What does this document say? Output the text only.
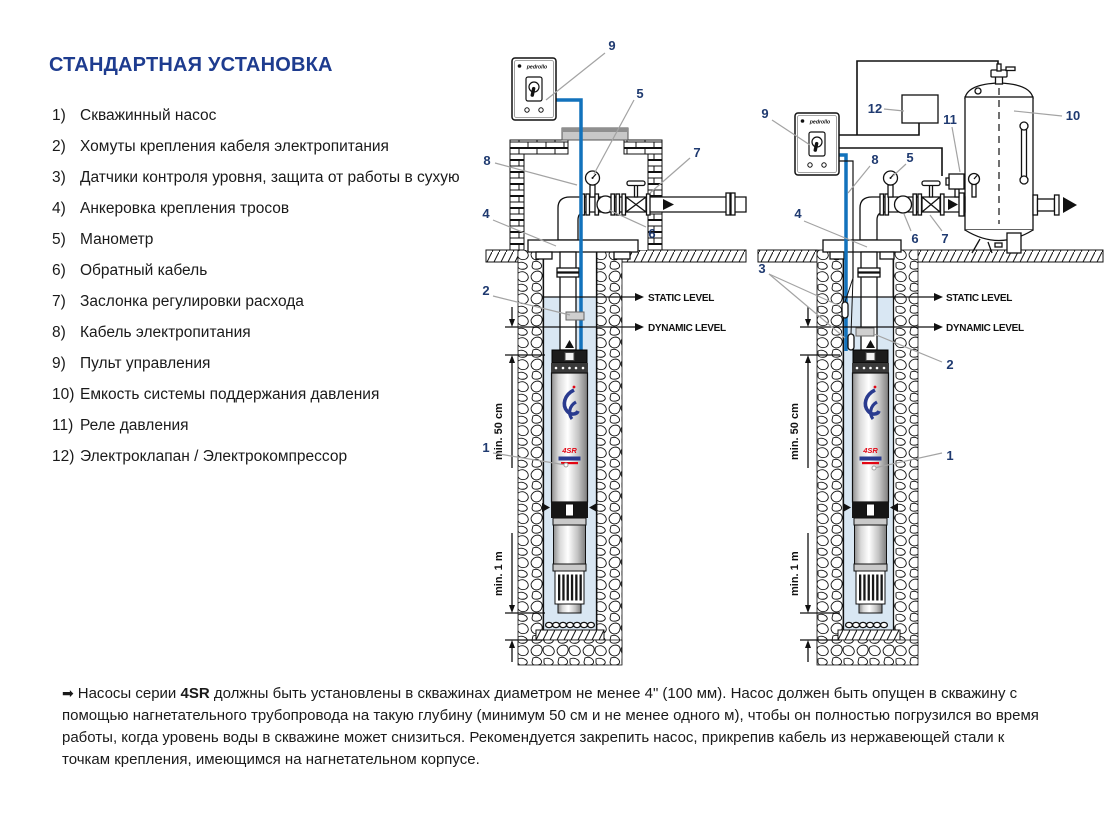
СТАНДАРТНАЯ УСТАНОВКА
1) Скважинный насос
2) Хомуты крепления кабеля электропитания
3) Датчики контроля уровня, защита от работы в сухую
4) Анкеровка крепления тросов
5) Манометр
6) Обратный кабель
7) Заслонка регулировки расхода
8) Кабель электропитания
9) Пульт управления
10) Емкость системы поддержания давления
11) Реле давления
12) Электроклапан / Электрокомпрессор
STATIC LEVEL
DYNAMIC LEVEL
min. 50 cm
min. 1 m
9
5
7
8
4
6
2
1
STATIC LEVEL
DYNAMIC LEVEL
min. 50 cm
min. 1 m
9	12
11	10
8 5
4
6 7
3
2
1

➡ Насосы серии 4SR должны быть установлены в скважинах диаметром не менее 4" (100 мм). Насос должен быть опущен в скважину с помощью нагнетательного трубопровода на такую глубину (минимум 50 см и не менее одного м), чтобы он полностью погрузился во время работы, когда уровень воды в скважине может снизиться. Рекомендуется закрепить насос, прикрепив кабель из нержавеющей стали к точкам крепления, имеющимся на нагнетательном корпусе.
